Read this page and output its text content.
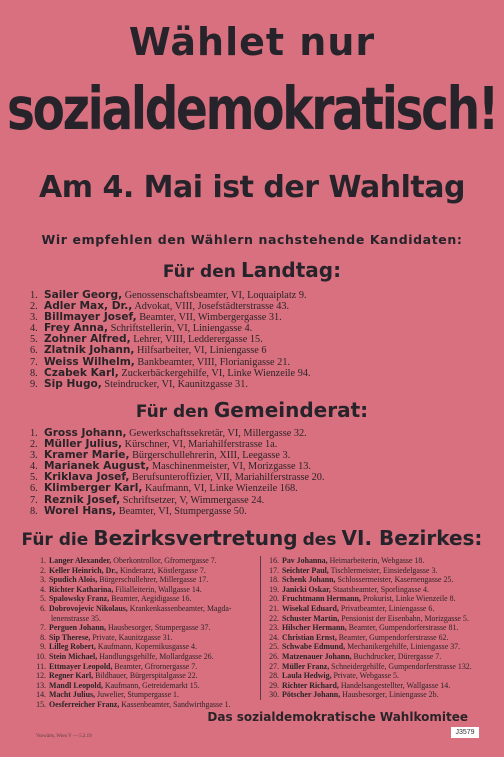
Wählet nur
sozialdemokratisch!
Am 4. Mai ist der Wahltag
Wir empfehlen den Wählern nachstehende Kandidaten:
Für den Landtag:
1. Sailer Georg, Genossenschaftsbeamter, VI, Loquaiplatz 9.
2. Adler Max, Dr., Advokat, VIII, Josefstädterstrasse 43.
3. Billmayer Josef, Beamter, VII, Wimbergergasse 31.
4. Frey Anna, Schriftstellerin, VI, Liniengasse 4.
5. Zohner Alfred, Lehrer, VIII, Ledderergasse 15.
6. Zlatnik Johann, Hilfsarbeiter, VI, Liniengasse 6
7. Weiss Wilhelm, Bankbeamter, VIII, Florianigasse 21.
8. Czabek Karl, Zuckerbäckergehilfe, VI, Linke Wienzeile 94.
9. Sip Hugo, Steindrucker, VI, Kaunitzgasse 31.
Für den Gemeinderat:
1. Gross Johann, Gewerkschaftssekretär, VI, Millergasse 32.
2. Müller Julius, Kürschner, VI, Mariahilferstrasse 1a.
3. Kramer Marie, Bürgerschullehrerin, XIII, Leegasse 3.
4. Marianek August, Maschinenmeister, VI, Morizgasse 13.
5. Kriklava Josef, Berufsunteroffizier, VII, Mariahilferstrasse 20.
6. Klimberger Karl, Kaufmann, VI, Linke Wienzeile 168.
7. Reznik Josef, Schriftsetzer, V, Wimmergasse 24.
8. Worel Hans, Beamter, VI, Stumpergasse 50.
Für die Bezirksvertretung des VI. Bezirkes:
1. Langer Alexander, Oberkontrollor, Gfrornergasse 7.
2. Keller Heinrich, Dr., Kinderarzt, Köstlergasse 7.
3. Spudich Alois, Bürgerschullehrer, Millergasse 17.
4. Richter Katharina, Filialleiterin, Wallgasse 14.
5. Spalowsky Franz, Beamter, Aegidigasse 16.
6. Dobrovojevic Nikolaus, Krankenkassenbeamter, Magda-
lenenstrasse 35.
7. Perguen Johann, Hausbesorger, Stumpergasse 37.
8. Sip Therese, Private, Kaunitzgasse 31.
9. Lilleg Robert, Kaufmann, Kopernikusgasse 4.
10. Stein Michael, Handlungsgehilfe, Mollardgasse 26.
11. Ettmayer Leopold, Beamter, Gfrornergasse 7.
12. Regner Karl, Bildhauer, Bürgerspitalgasse 22.
13. Mandl Leopold, Kaufmann, Getreidemarkt 15.
14. Macht Julius, Juwelier, Stumpergasse 1.
15. Oesferreicher Franz, Kassenbeamter, Sandwirthgasse 1.
16. Pav Johanna, Heimarbeiterin, Webgasse 18.
17. Seichter Paul, Tischlermeister, Einsiedelgasse 3.
18. Schenk Johann, Schlossermeister, Kasernengasse 25.
19. Janicki Oskar, Staatsbeamter, Sporlingasse 4.
20. Fruchtmann Hermann, Prokurist, Linke Wienzeile 8.
21. Wisekal Eduard, Privatbeamter, Liniengasse 6.
22. Schuster Martin, Pensionist der Eisenbahn, Morizgasse 5.
23. Hilscher Hermann, Beamter, Gumpendorferstrasse 81.
24. Christian Ernst, Beamter, Gumpendorferstrasse 62.
25. Schwabe Edmund, Mechanikergehilfe, Liniengasse 37.
26. Matzenauer Johann, Buchdrucker, Dürergasse 7.
27. Müller Franz, Schneidergehilfe, Gumpendorferstrasse 132.
28. Laula Hedwig, Private, Webgasse 5.
29. Richter Richard, Handelsangestellter, Wallgasse 14.
30. Pötscher Johann, Hausbesorger, Liniengasse 2b.
Das sozialdemokratische Wahlkomitee
Vorwärts, Wien V — 5.2.19
J3579
